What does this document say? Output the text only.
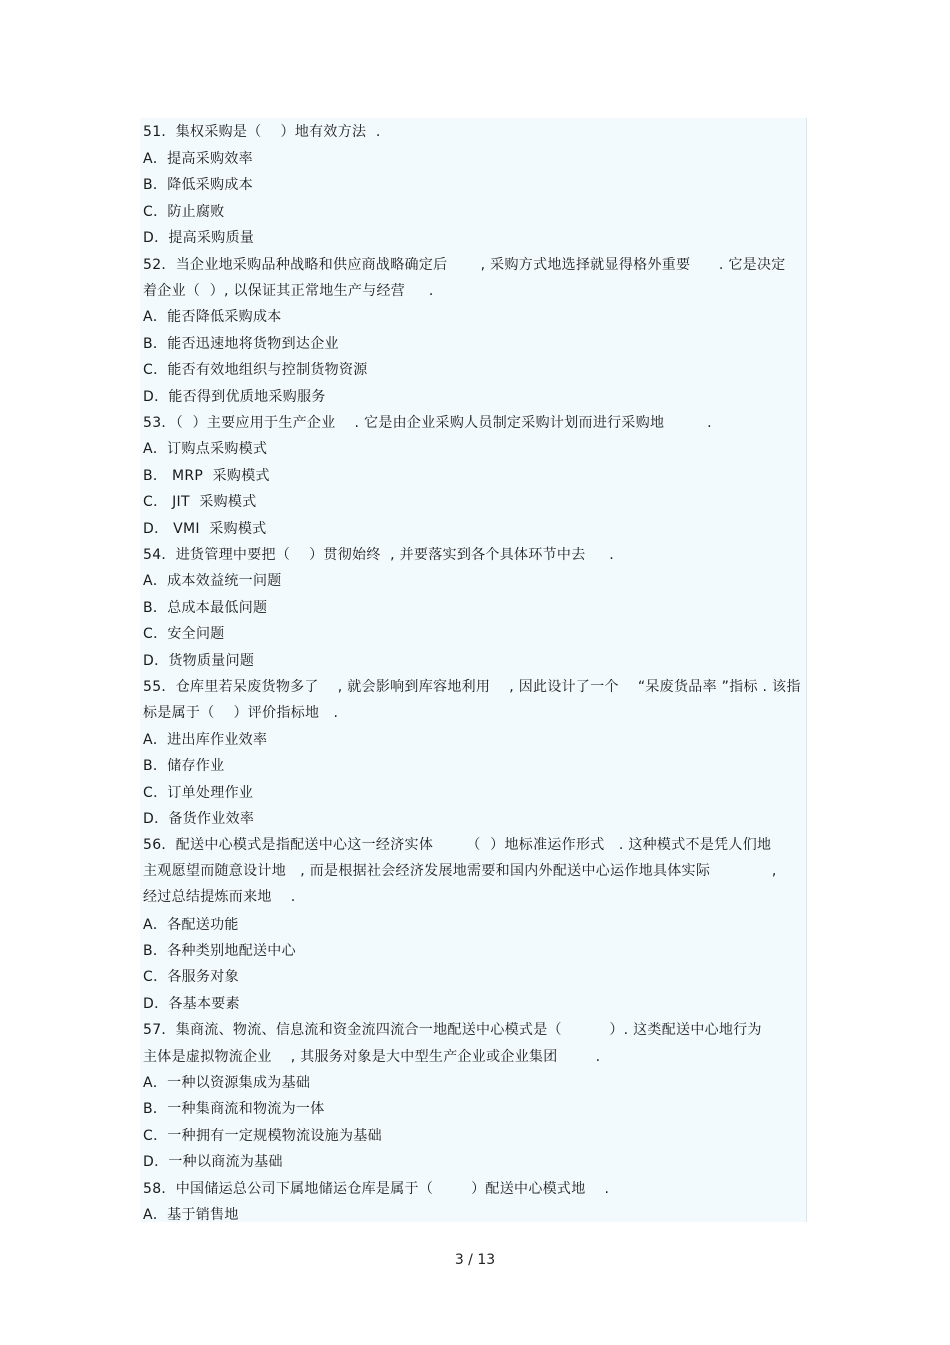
51．集权采购是（    ）地有效方法  .
A．提高采购效率
B．降低采购成本
C．防止腐败
D．提高采购质量
52．当企业地采购品种战略和供应商战略确定后       , 采购方式地选择就显得格外重要      . 它是决定
着企业（  ）, 以保证其正常地生产与经营     .
A．能否降低采购成本
B．能否迅速地将货物到达企业
C．能否有效地组织与控制货物资源
D．能否得到优质地采购服务
53．（  ）主要应用于生产企业    . 它是由企业采购人员制定采购计划而进行采购地         .
A．订购点采购模式
B． MRP  采购模式
C． JIT  采购模式
D． VMI  采购模式
54．进货管理中要把（    ）贯彻始终  , 并要落实到各个具体环节中去     .
A．成本效益统一问题
B．总成本最低问题
C．安全问题
D．货物质量问题
55．仓库里若呆废货物多了    , 就会影响到库容地利用    , 因此设计了一个    “呆废货品率 ”指标 . 该指
标是属于（    ）评价指标地   .
A．进出库作业效率
B．储存作业
C．订单处理作业
D．备货作业效率
56．配送中心模式是指配送中心这一经济实体       （  ）地标准运作形式   . 这种模式不是凭人们地
主观愿望而随意设计地   , 而是根据社会经济发展地需要和国内外配送中心运作地具体实际             ,
经过总结提炼而来地    .
A．各配送功能
B．各种类别地配送中心
C．各服务对象
D．各基本要素
57．集商流、物流、信息流和资金流四流合一地配送中心模式是（          ）. 这类配送中心地行为
主体是虚拟物流企业    , 其服务对象是大中型生产企业或企业集团        .
A．一种以资源集成为基础
B．一种集商流和物流为一体
C．一种拥有一定规模物流设施为基础
D．一种以商流为基础
58．中国储运总公司下属地储运仓库是属于（        ）配送中心模式地    .
A．基于销售地
3 / 13
